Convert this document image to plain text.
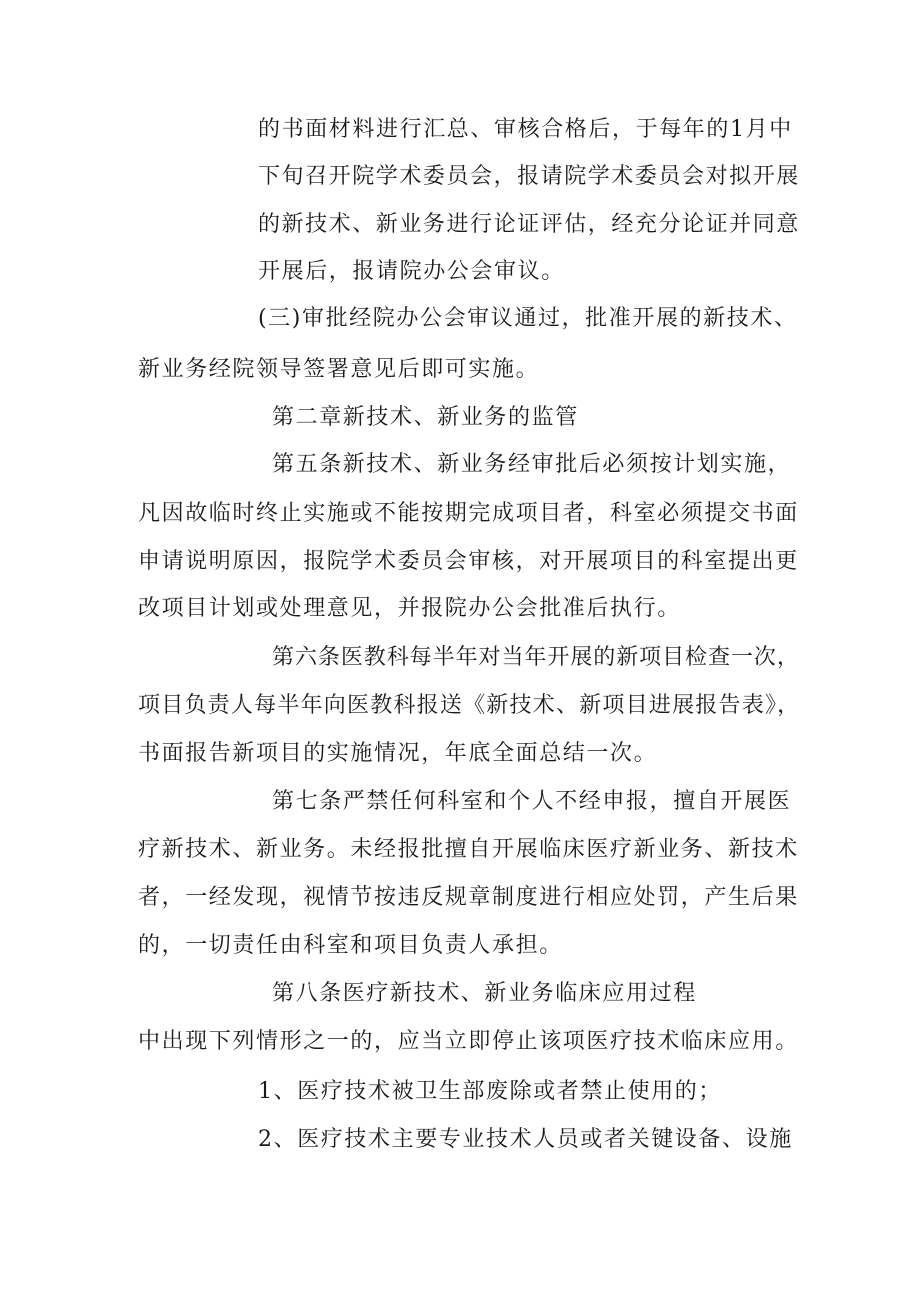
的书面材料进行汇总、审核合格后，于每年的1月中

下旬召开院学术委员会，报请院学术委员会对拟开展

的新技术、新业务进行论证评估，经充分论证并同意

开展后，报请院办公会审议。

(三)审批经院办公会审议通过，批准开展的新技术、

新业务经院领导签署意见后即可实施。

第二章新技术、新业务的监管

第五条新技术、新业务经审批后必须按计划实施，

凡因故临时终止实施或不能按期完成项目者，科室必须提交书面

申请说明原因，报院学术委员会审核，对开展项目的科室提出更

改项目计划或处理意见，并报院办公会批准后执行。

第六条医教科每半年对当年开展的新项目检查一次，

项目负责人每半年向医教科报送《新技术、新项目进展报告表》，

书面报告新项目的实施情况，年底全面总结一次。

第七条严禁任何科室和个人不经申报，擅自开展医

疗新技术、新业务。未经报批擅自开展临床医疗新业务、新技术

者，一经发现，视情节按违反规章制度进行相应处罚，产生后果

的，一切责任由科室和项目负责人承担。

第八条医疗新技术、新业务临床应用过程

中出现下列情形之一的，应当立即停止该项医疗技术临床应用。

1、医疗技术被卫生部废除或者禁止使用的；

2、医疗技术主要专业技术人员或者关键设备、设施
